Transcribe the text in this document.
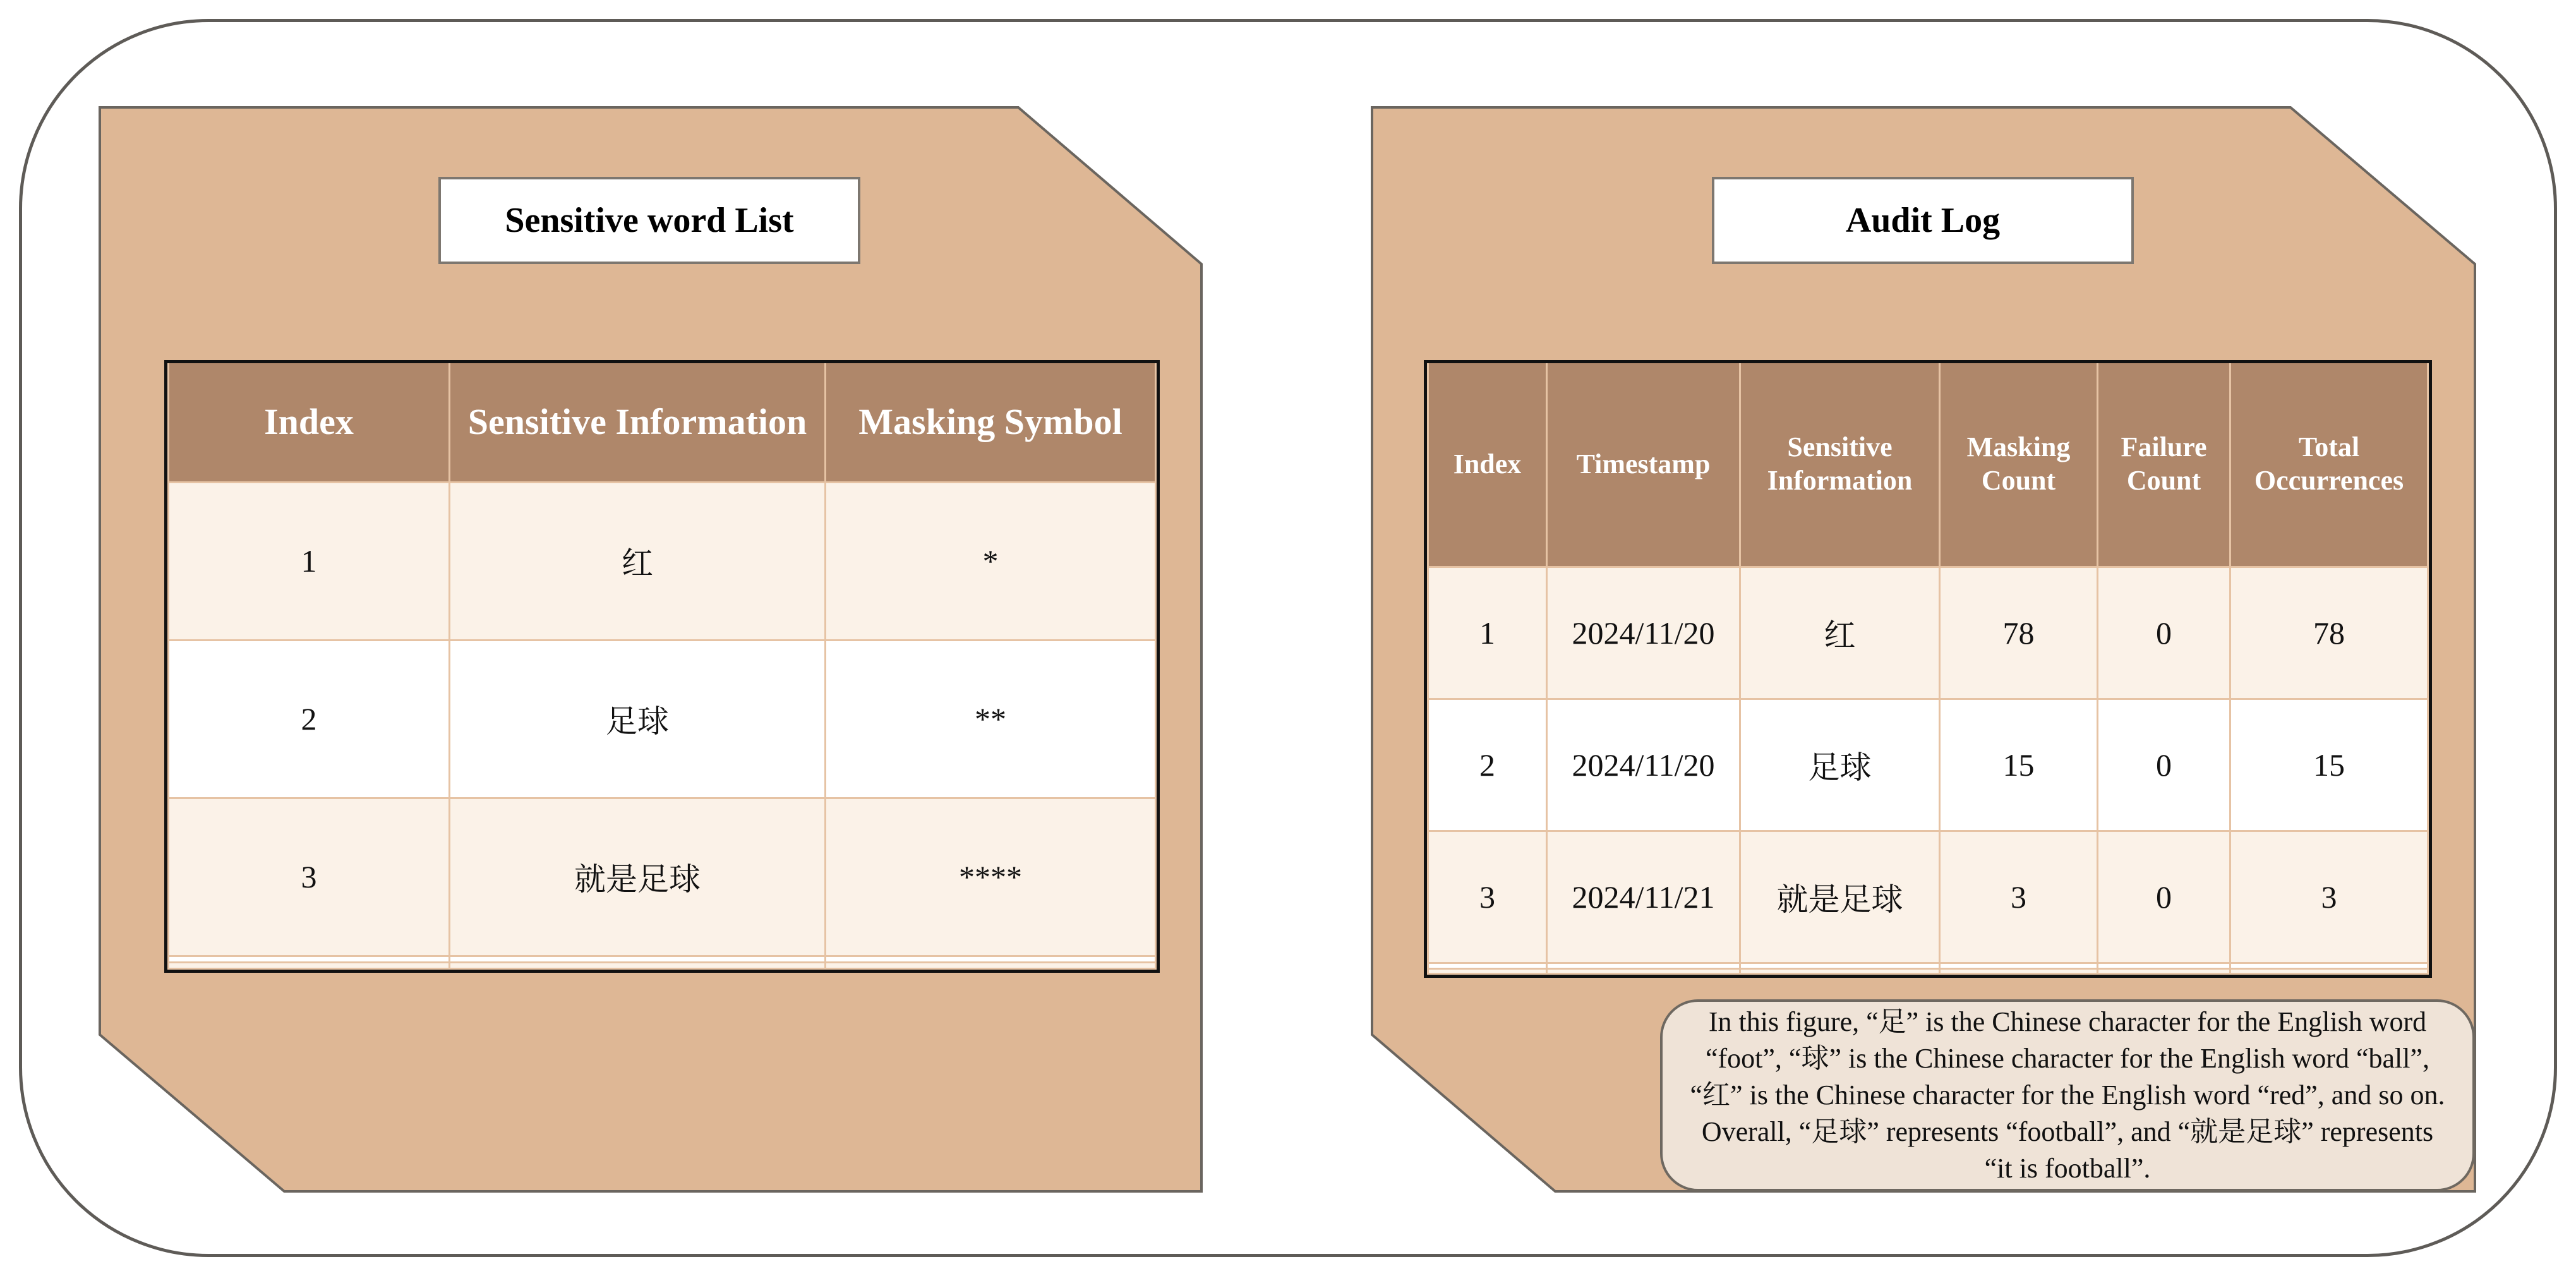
Sensitive word List
Index	Sensitive Information	Masking Symbol
1	红	*
2	足球	**
3	就是足球	****

Audit Log
Index	Timestamp	Sensitive Information	Masking Count	Failure Count	Total Occurrences
1	2024/11/20	红	78	0	78
2	2024/11/20	足球	15	0	15
3	2024/11/21	就是足球	3	0	3

In this figure, “足” is the Chinese character for the English word “foot”, “球” is the Chinese character for the English word “ball”, “红” is the Chinese character for the English word “red”, and so on. Overall, “足球” represents “football”, and “就是足球” represents “it is football”.
